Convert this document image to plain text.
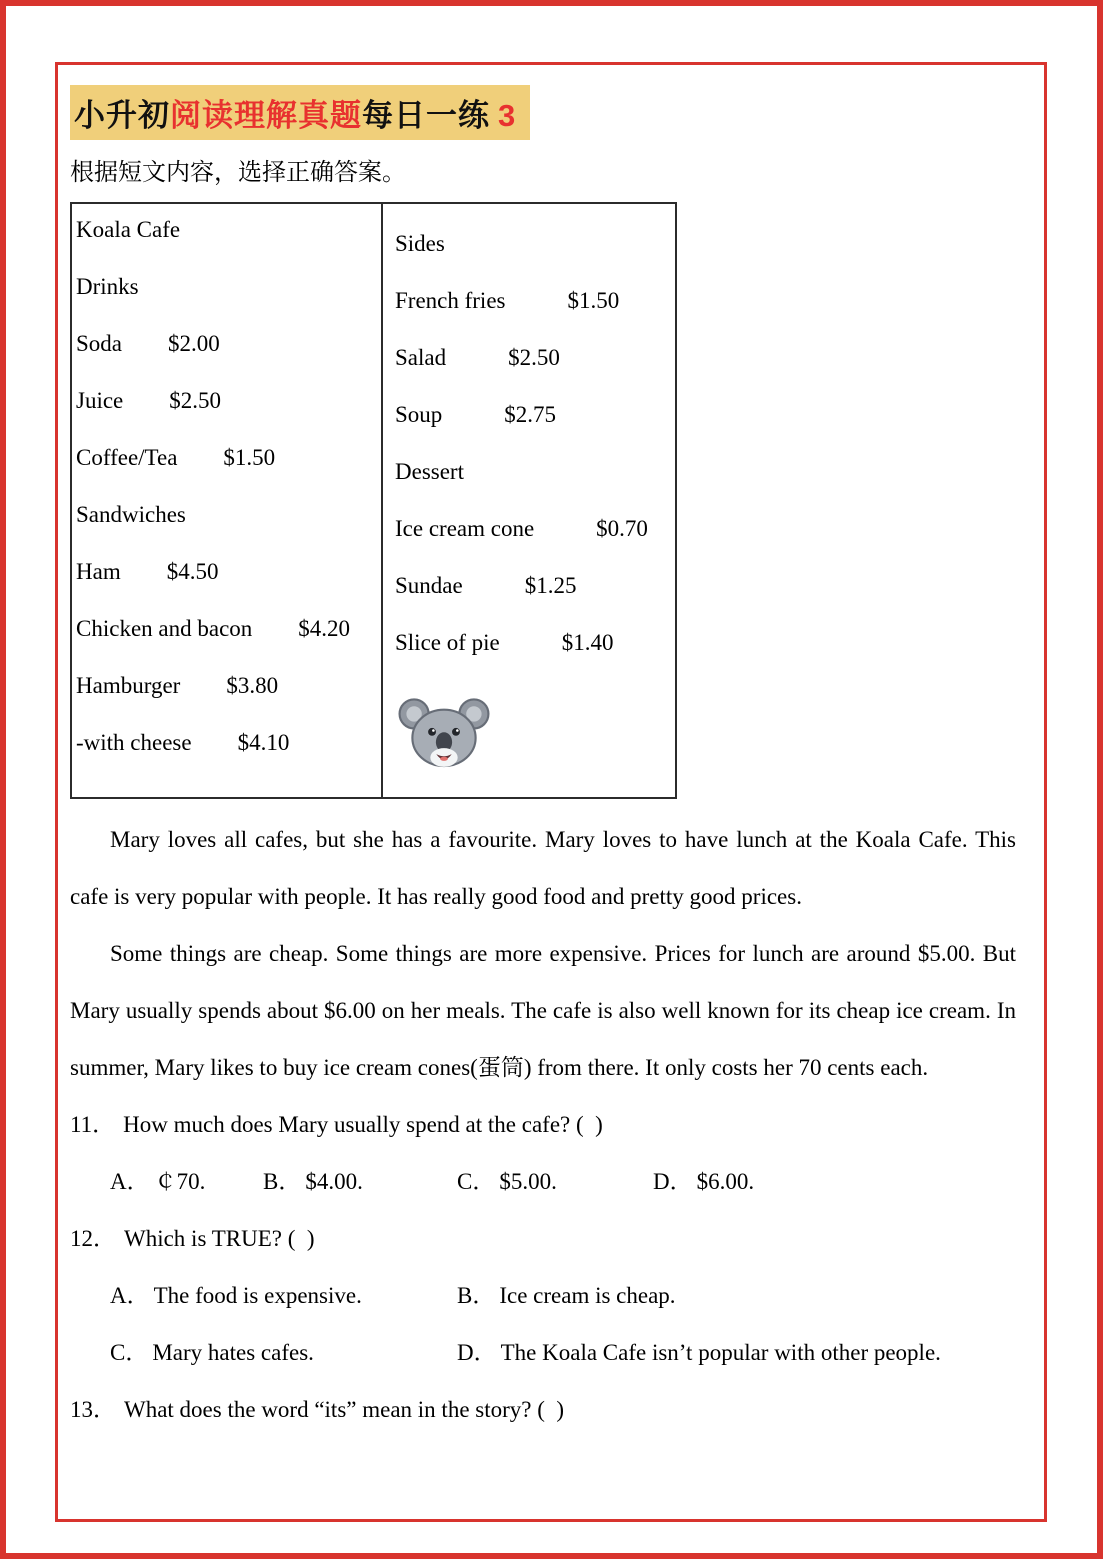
小升初阅读理解真题每日一练 3
根据短文内容，选择正确答案。
Koala Cafe
Drinks
Soda $2.00
Juice $2.50
Coffee/Tea $1.50
Sandwiches
Ham $4.50
Chicken and bacon $4.20
Hamburger $3.80
-with cheese $4.10
Sides
French fries	$1.50
Salad	$2.50
Soup	$2.75
Dessert
Ice cream cone	$0.70
Sundae	$1.25
Slice of pie	$1.40

Mary loves all cafes, but she has a favourite. Mary loves to have lunch at the Koala Cafe. This cafe is very popular with people. It has really good food and pretty good prices.

Some things are cheap. Some things are more expensive. Prices for lunch are around $5.00. But Mary usually spends about $6.00 on her meals. The cafe is also well known for its cheap ice cream. In summer, Mary likes to buy ice cream cones(蛋筒) from there. It only costs her 70 cents each.

11． How much does Mary usually spend at the cafe? (  )
A． ￠70.	B． $4.00.	C． $5.00.	D． $6.00.
12． Which is TRUE? (  )
A． The food is expensive.	B． Ice cream is cheap.
C． Mary hates cafes.	D． The Koala Cafe isn’t popular with other people.
13． What does the word “its” mean in the story? (  )
